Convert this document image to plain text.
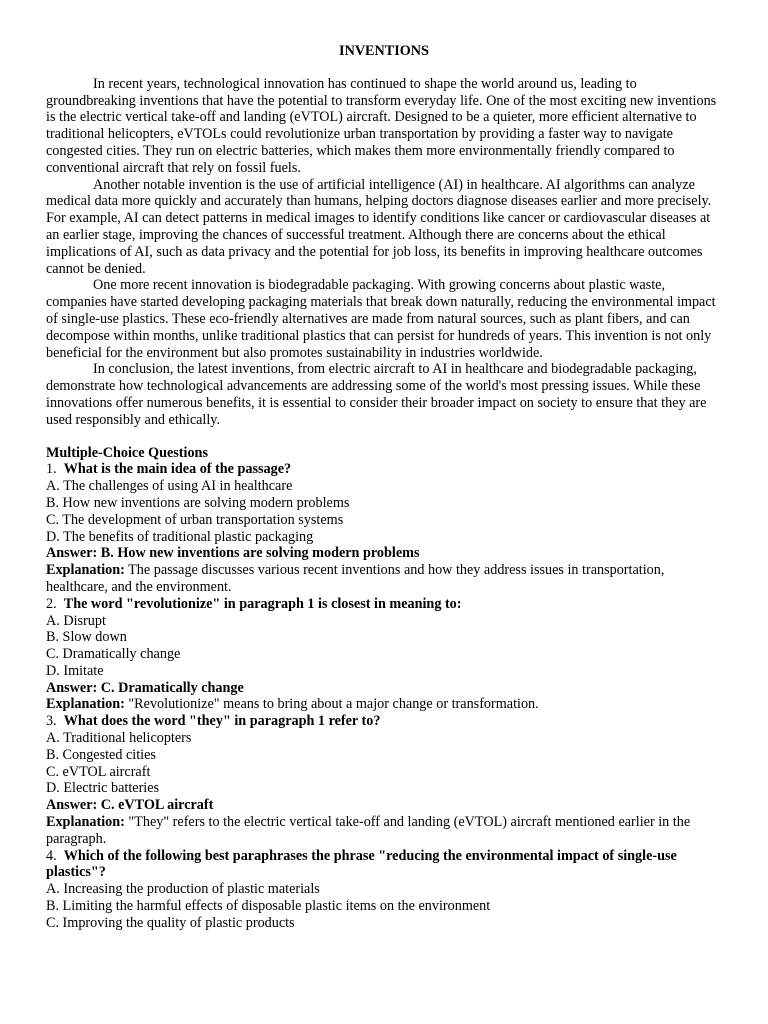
INVENTIONS

In recent years, technological innovation has continued to shape the world around us, leading to groundbreaking inventions that have the potential to transform everyday life. One of the most exciting new inventions is the electric vertical take-off and landing (eVTOL) aircraft. Designed to be a quieter, more efficient alternative to traditional helicopters, eVTOLs could revolutionize urban transportation by providing a faster way to navigate congested cities. They run on electric batteries, which makes them more environmentally friendly compared to conventional aircraft that rely on fossil fuels.

Another notable invention is the use of artificial intelligence (AI) in healthcare. AI algorithms can analyze medical data more quickly and accurately than humans, helping doctors diagnose diseases earlier and more precisely. For example, AI can detect patterns in medical images to identify conditions like cancer or cardiovascular diseases at an earlier stage, improving the chances of successful treatment. Although there are concerns about the ethical implications of AI, such as data privacy and the potential for job loss, its benefits in improving healthcare outcomes cannot be denied.

One more recent innovation is biodegradable packaging. With growing concerns about plastic waste, companies have started developing packaging materials that break down naturally, reducing the environmental impact of single-use plastics. These eco-friendly alternatives are made from natural sources, such as plant fibers, and can decompose within months, unlike traditional plastics that can persist for hundreds of years. This invention is not only beneficial for the environment but also promotes sustainability in industries worldwide.

In conclusion, the latest inventions, from electric aircraft to AI in healthcare and biodegradable packaging, demonstrate how technological advancements are addressing some of the world's most pressing issues. While these innovations offer numerous benefits, it is essential to consider their broader impact on society to ensure that they are used responsibly and ethically.

Multiple-Choice Questions

1. What is the main idea of the passage?

A. The challenges of using AI in healthcare

B. How new inventions are solving modern problems

C. The development of urban transportation systems

D. The benefits of traditional plastic packaging

Answer: B. How new inventions are solving modern problems

Explanation: The passage discusses various recent inventions and how they address issues in transportation, healthcare, and the environment.

2. The word "revolutionize" in paragraph 1 is closest in meaning to:

A. Disrupt

B. Slow down

C. Dramatically change

D. Imitate

Answer: C. Dramatically change

Explanation: "Revolutionize" means to bring about a major change or transformation.

3. What does the word "they" in paragraph 1 refer to?

A. Traditional helicopters

B. Congested cities

C. eVTOL aircraft

D. Electric batteries

Answer: C. eVTOL aircraft

Explanation: "They" refers to the electric vertical take-off and landing (eVTOL) aircraft mentioned earlier in the paragraph.

4. Which of the following best paraphrases the phrase "reducing the environmental impact of single-use plastics"?

A. Increasing the production of plastic materials

B. Limiting the harmful effects of disposable plastic items on the environment

C. Improving the quality of plastic products
